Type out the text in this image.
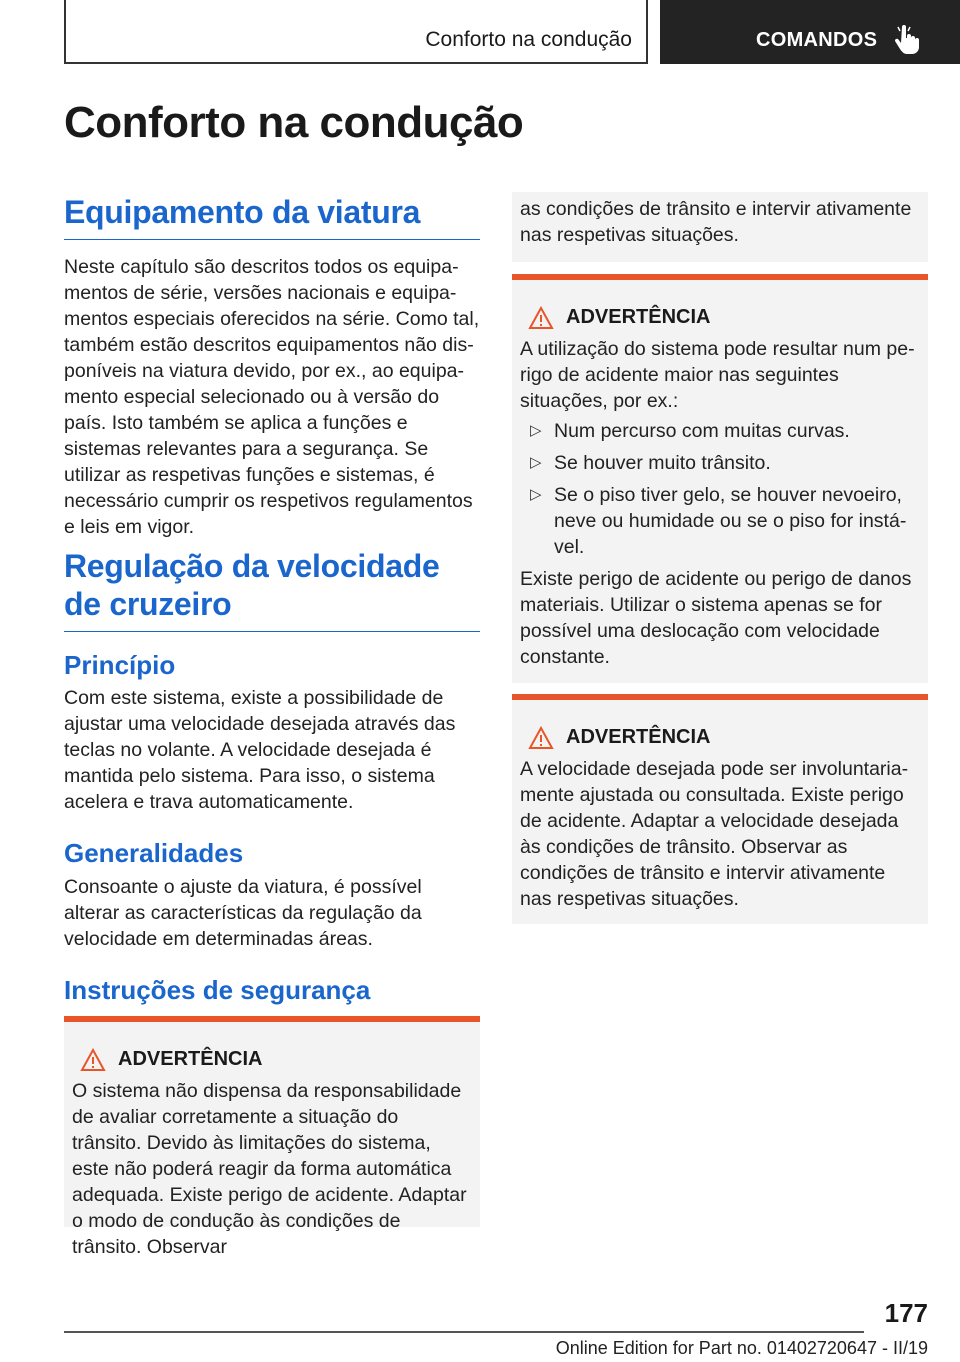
Conforto na condução	COMANDOS
Conforto na condução
Equipamento da viatura

Neste capítulo são descritos todos os equipamentos de série, versões nacionais e equipamentos especiais oferecidos na série. Como tal, também estão descritos equipamentos não disponíveis na viatura devido, por ex., ao equipamento especial selecionado ou à versão do país. Isto também se aplica a funções e sistemas relevantes para a segurança. Se utilizar as respetivas funções e sistemas, é necessário cumprir os respetivos regulamentos e leis em vigor.

Regulação da velocidade de cruzeiro
Princípio

Com este sistema, existe a possibilidade de ajustar uma velocidade desejada através das teclas no volante. A velocidade desejada é mantida pelo sistema. Para isso, o sistema acelera e trava automaticamente.

Generalidades

Consoante o ajuste da viatura, é possível alterar as características da regulação da velocidade em determinadas áreas.

Instruções de segurança
ADVERTÊNCIA

O sistema não dispensa da responsabilidade de avaliar corretamente a situação do trânsito. Devido às limitações do sistema, este não poderá reagir da forma automática adequada. Existe perigo de acidente. Adaptar o modo de condução às condições de trânsito. Observar

as condições de trânsito e intervir ativamente nas respetivas situações.

ADVERTÊNCIA

A utilização do sistema pode resultar num perigo de acidente maior nas seguintes situações, por ex.:

▷ Num percurso com muitas curvas.
▷ Se houver muito trânsito.
▷ Se o piso tiver gelo, se houver nevoeiro, neve ou humidade ou se o piso for instável.

Existe perigo de acidente ou perigo de danos materiais. Utilizar o sistema apenas se for possível uma deslocação com velocidade constante.

ADVERTÊNCIA

A velocidade desejada pode ser involuntariamente ajustada ou consultada. Existe perigo de acidente. Adaptar a velocidade desejada às condições de trânsito. Observar as condições de trânsito e intervir ativamente nas respetivas situações.

177
Online Edition for Part no. 01402720647 - II/19
